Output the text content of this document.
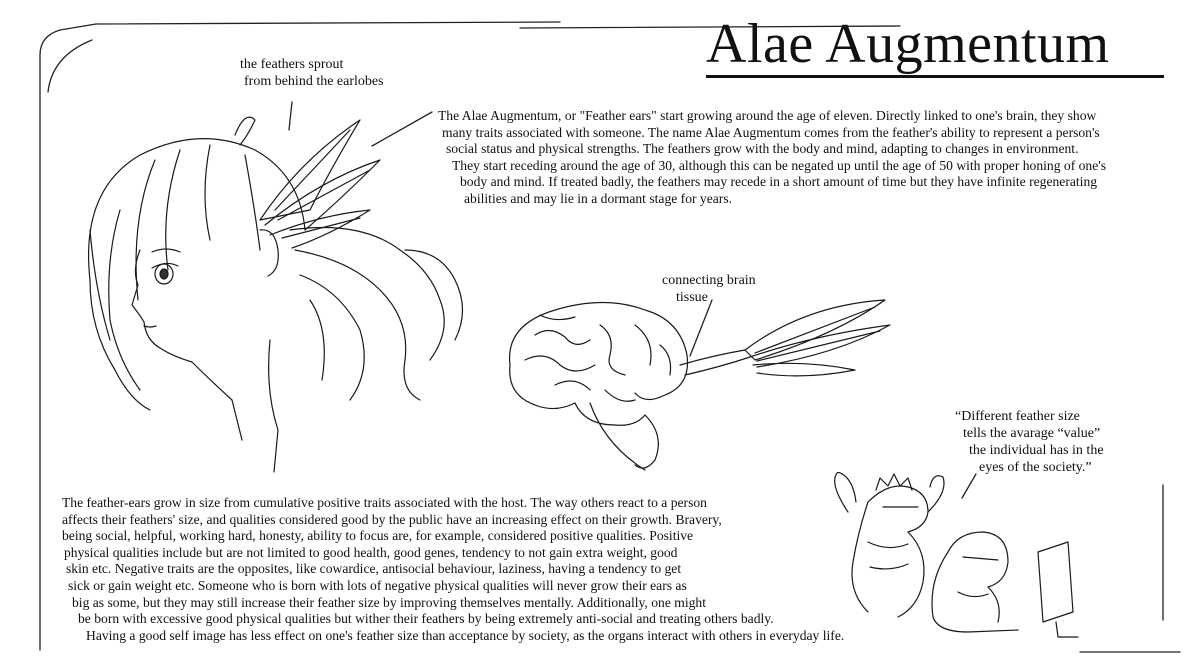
Alae Augmentum
the feathers sprout
from behind the earlobes
connecting brain
tissue
The Alae Augmentum, or "Feather ears" start growing around the age of eleven. Directly linked to one's brain, they show
many traits associated with someone. The name Alae Augmentum comes from the feather's ability to represent a person's
social status and physical strengths. The feathers grow with the body and mind, adapting to changes in environment.
They start receding around the age of 30, although this can be negated up until the age of 50 with proper honing of one's
body and mind. If treated badly, the feathers may recede in a short amount of time but they have infinite regenerating
abilities and may lie in a dormant stage for years.
“Different feather size
tells the avarage “value”
the individual has in the
eyes of the society.”
The feather-ears grow in size from cumulative positive traits associated with the host. The way others react to a person
affects their feathers' size, and qualities considered good by the public have an increasing effect on their growth. Bravery,
being social, helpful, working hard, honesty, ability to focus are, for example, considered positive qualities. Positive
physical qualities include but are not limited to good health, good genes, tendency to not gain extra weight, good
skin etc. Negative traits are the opposites, like cowardice, antisocial behaviour, laziness, having a tendency to get
sick or gain weight etc. Someone who is born with lots of negative physical qualities will never grow their ears as
big as some, but they may still increase their feather size by improving themselves mentally. Additionally, one might
be born with excessive good physical qualities but wither their feathers by being extremely anti-social and treating others badly.
Having a good self image has less effect on one's feather size than acceptance by society, as the organs interact with others in everyday life.
